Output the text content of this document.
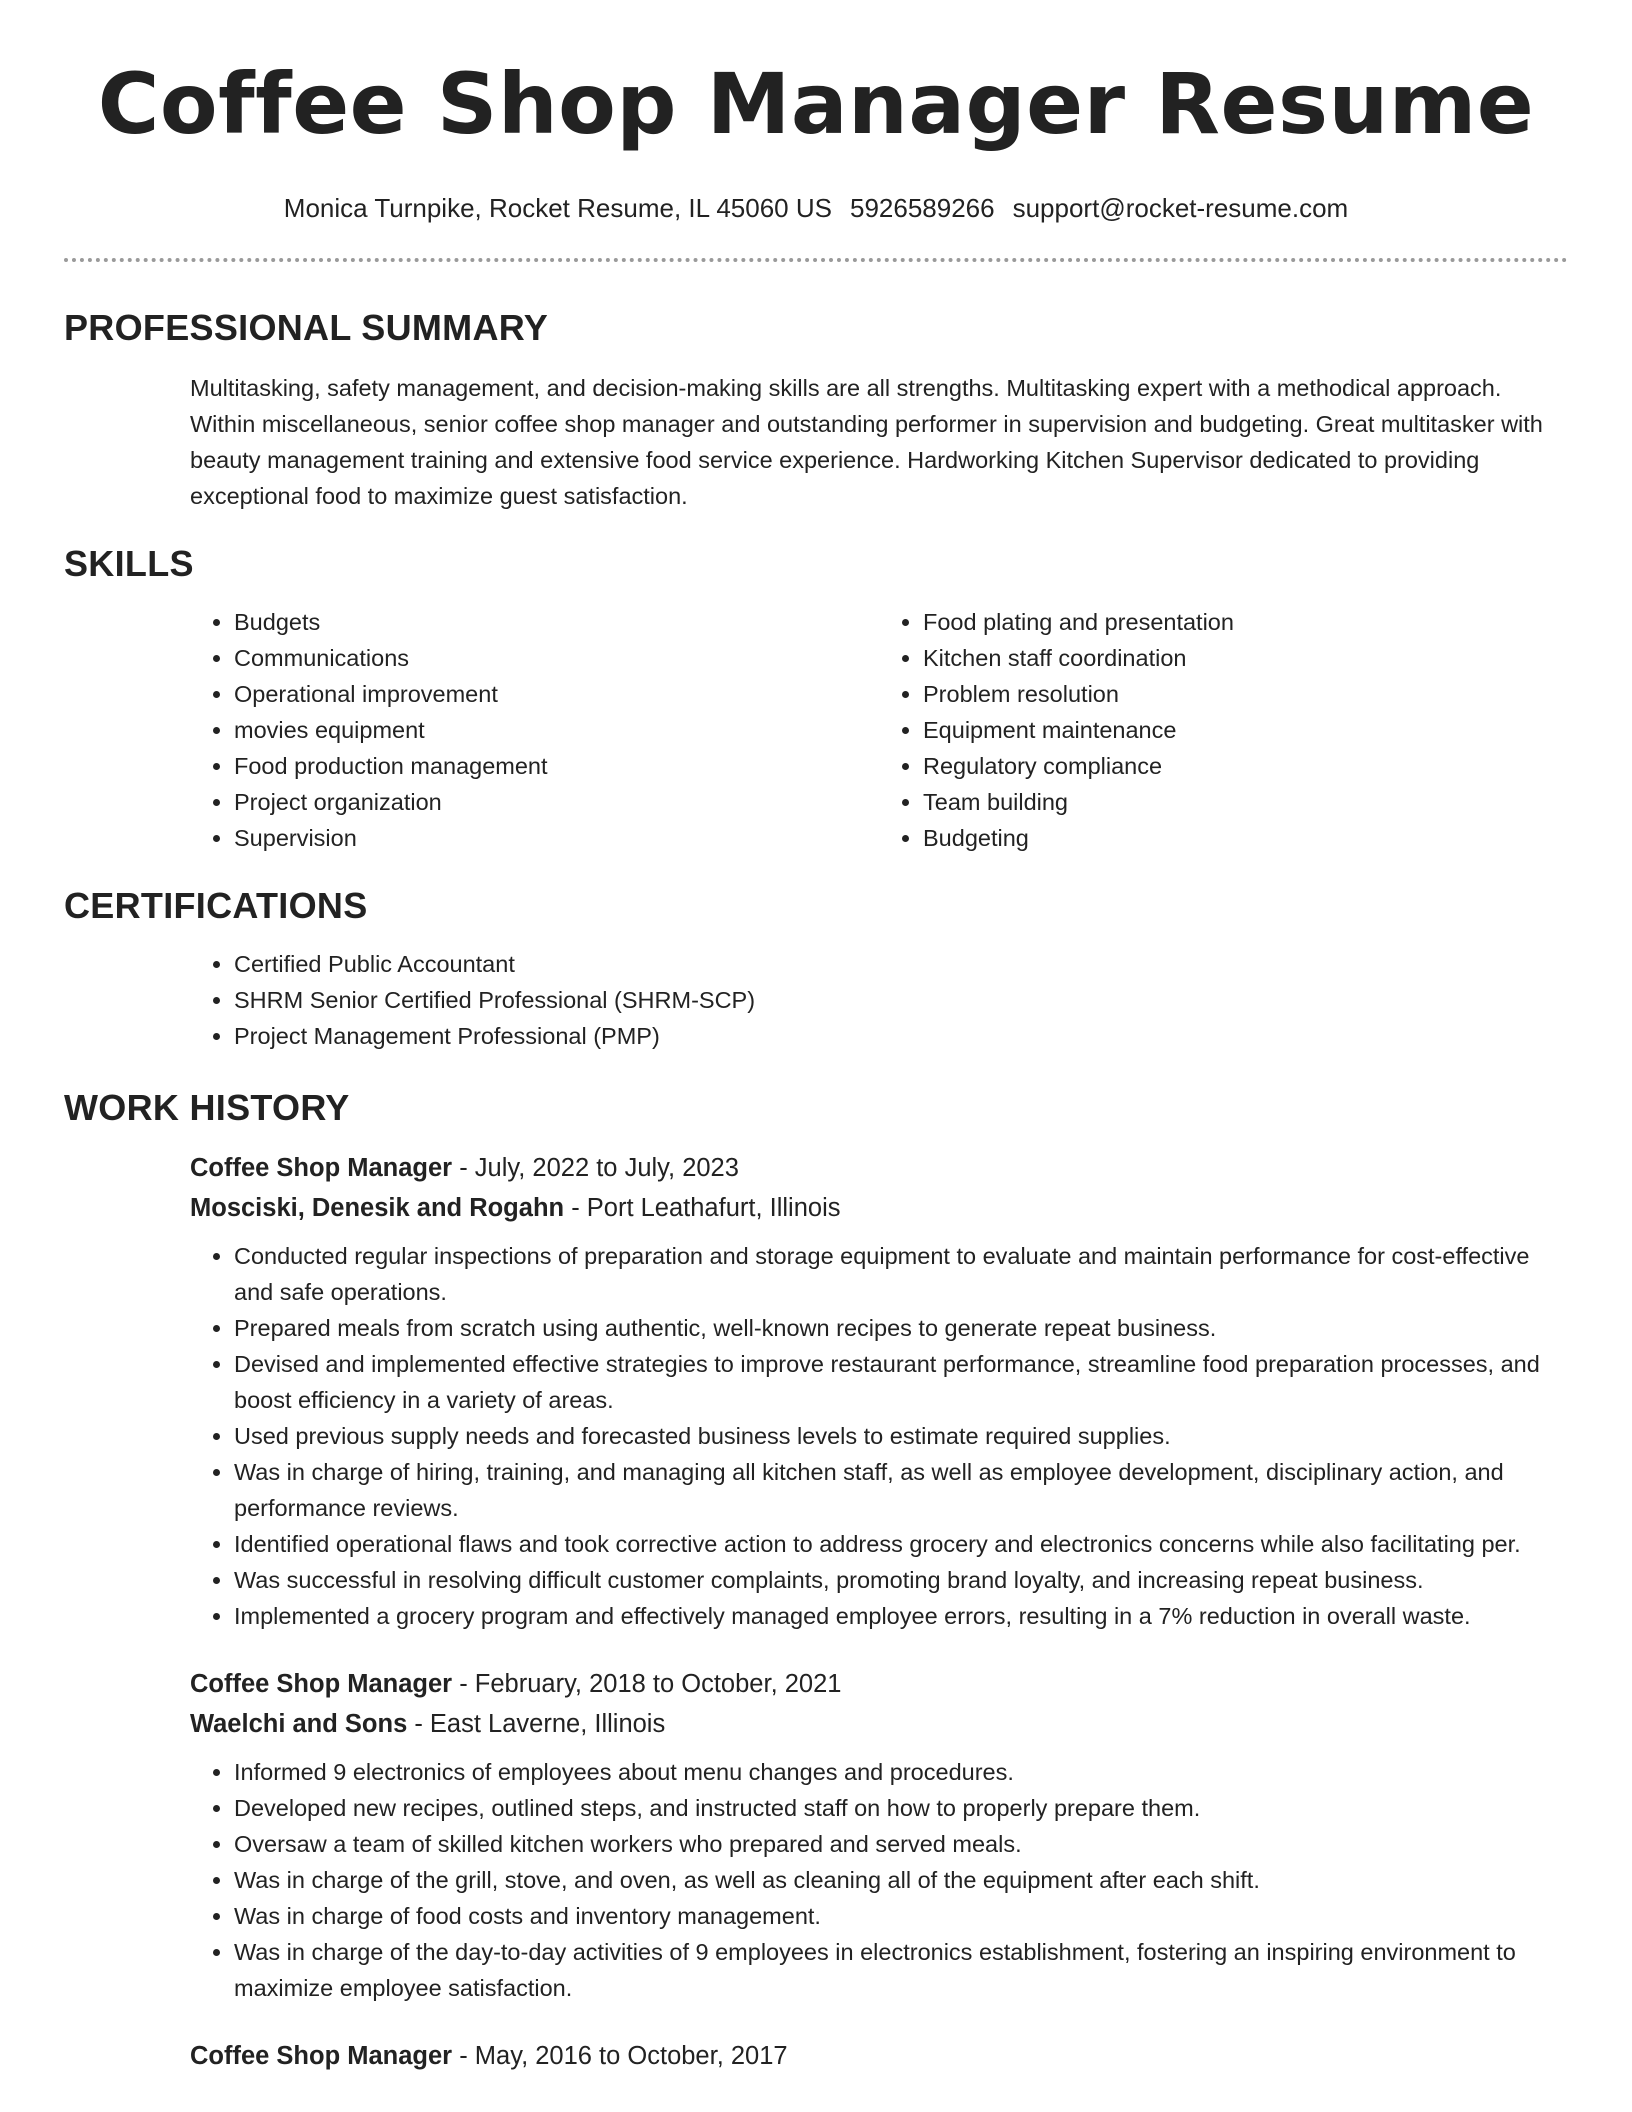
Coffee Shop Manager Resume
Monica Turnpike, Rocket Resume, IL 45060 US 5926589266 support@rocket-resume.com
PROFESSIONAL SUMMARY
Multitasking, safety management, and decision-making skills are all strengths. Multitasking expert with a methodical approach. Within miscellaneous, senior coffee shop manager and outstanding performer in supervision and budgeting. Great multitasker with beauty management training and extensive food service experience. Hardworking Kitchen Supervisor dedicated to providing exceptional food to maximize guest satisfaction.
SKILLS
• Budgets
• Communications
• Operational improvement
• movies equipment
• Food production management
• Project organization
• Supervision
• Food plating and presentation
• Kitchen staff coordination
• Problem resolution
• Equipment maintenance
• Regulatory compliance
• Team building
• Budgeting
CERTIFICATIONS
• Certified Public Accountant
• SHRM Senior Certified Professional (SHRM-SCP)
• Project Management Professional (PMP)
WORK HISTORY
Coffee Shop Manager - July, 2022 to July, 2023
Mosciski, Denesik and Rogahn - Port Leathafurt, Illinois
• Conducted regular inspections of preparation and storage equipment to evaluate and maintain performance for cost-effective and safe operations.
• Prepared meals from scratch using authentic, well-known recipes to generate repeat business.
• Devised and implemented effective strategies to improve restaurant performance, streamline food preparation processes, and boost efficiency in a variety of areas.
• Used previous supply needs and forecasted business levels to estimate required supplies.
• Was in charge of hiring, training, and managing all kitchen staff, as well as employee development, disciplinary action, and performance reviews.
• Identified operational flaws and took corrective action to address grocery and electronics concerns while also facilitating per.
• Was successful in resolving difficult customer complaints, promoting brand loyalty, and increasing repeat business.
• Implemented a grocery program and effectively managed employee errors, resulting in a 7% reduction in overall waste.
Coffee Shop Manager - February, 2018 to October, 2021
Waelchi and Sons - East Laverne, Illinois
• Informed 9 electronics of employees about menu changes and procedures.
• Developed new recipes, outlined steps, and instructed staff on how to properly prepare them.
• Oversaw a team of skilled kitchen workers who prepared and served meals.
• Was in charge of the grill, stove, and oven, as well as cleaning all of the equipment after each shift.
• Was in charge of food costs and inventory management.
• Was in charge of the day-to-day activities of 9 employees in electronics establishment, fostering an inspiring environment to maximize employee satisfaction.
Coffee Shop Manager - May, 2016 to October, 2017
